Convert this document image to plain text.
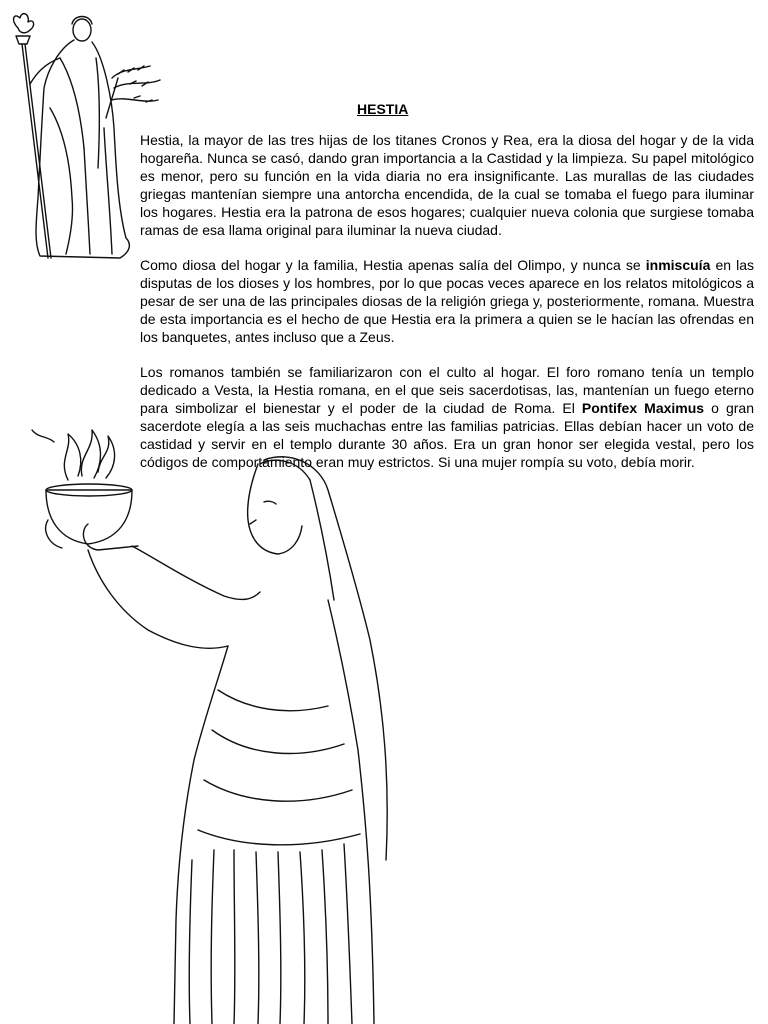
HESTIA

Hestia, la mayor de las tres hijas de los titanes Cronos y Rea, era la diosa del hogar y de la vida hogareña. Nunca se casó, dando gran importancia a la Castidad y la limpieza. Su papel mitológico es menor, pero su función en la vida diaria no era insignificante. Las murallas de las ciudades griegas mantenían siempre una antorcha encendida, de la cual se tomaba el fuego para iluminar los hogares. Hestia era la patrona de esos hogares; cualquier nueva colonia que surgiese tomaba ramas de esa llama original para iluminar la nueva ciudad.

Como diosa del hogar y la familia, Hestia apenas salía del Olimpo, y nunca se inmiscuía en las disputas de los dioses y los hombres, por lo que pocas veces aparece en los relatos mitológicos a pesar de ser una de las principales diosas de la religión griega y, posteriormente, romana. Muestra de esta importancia es el hecho de que Hestia era la primera a quien se le hacían las ofrendas en los banquetes, antes incluso que a Zeus.

Los romanos también se familiarizaron con el culto al hogar. El foro romano tenía un templo dedicado a Vesta, la Hestia romana, en el que seis sacerdotisas, las, mantenían un fuego eterno para simbolizar el bienestar y el poder de la ciudad de Roma. El Pontifex Maximus o gran sacerdote elegía a las seis muchachas entre las familias patricias. Ellas debían hacer un voto de castidad y servir en el templo durante 30 años. Era un gran honor ser elegida vestal, pero los códigos de comportamiento eran muy estrictos. Si una mujer rompía su voto, debía morir.
